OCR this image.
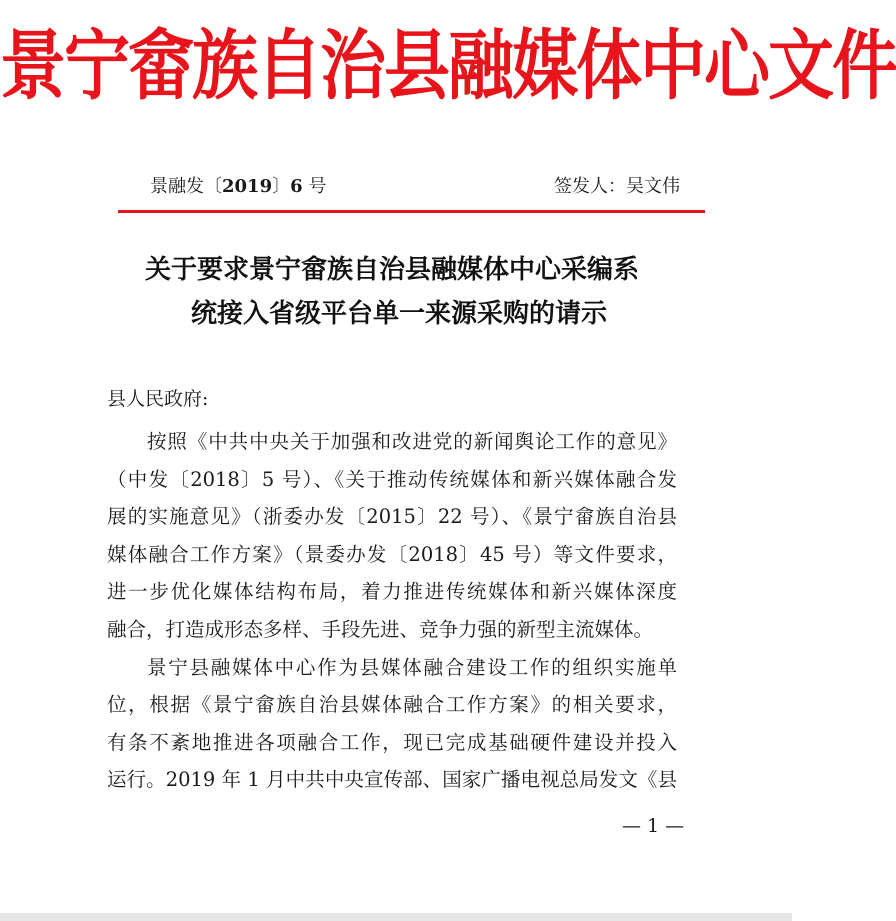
景宁畲族自治县融媒体中心文件
景融发〔2019〕6 号	签发人：吴文伟
关于要求景宁畲族自治县融媒体中心采编系
统接入省级平台单一来源采购的请示
县人民政府:
按照《中共中央关于加强和改进党的新闻舆论工作的意见》
（中发〔2018〕5 号）、《关于推动传统媒体和新兴媒体融合发
展的实施意见》（浙委办发〔2015〕22 号）、《景宁畲族自治县
媒体融合工作方案》（景委办发〔2018〕45 号）等文件要求，
进一步优化媒体结构布局，着力推进传统媒体和新兴媒体深度
融合，打造成形态多样、手段先进、竞争力强的新型主流媒体。
景宁县融媒体中心作为县媒体融合建设工作的组织实施单
位，根据《景宁畲族自治县媒体融合工作方案》的相关要求，
有条不紊地推进各项融合工作，现已完成基础硬件建设并投入
运行。2019 年 1 月中共中央宣传部、国家广播电视总局发文《县
— 1 —
